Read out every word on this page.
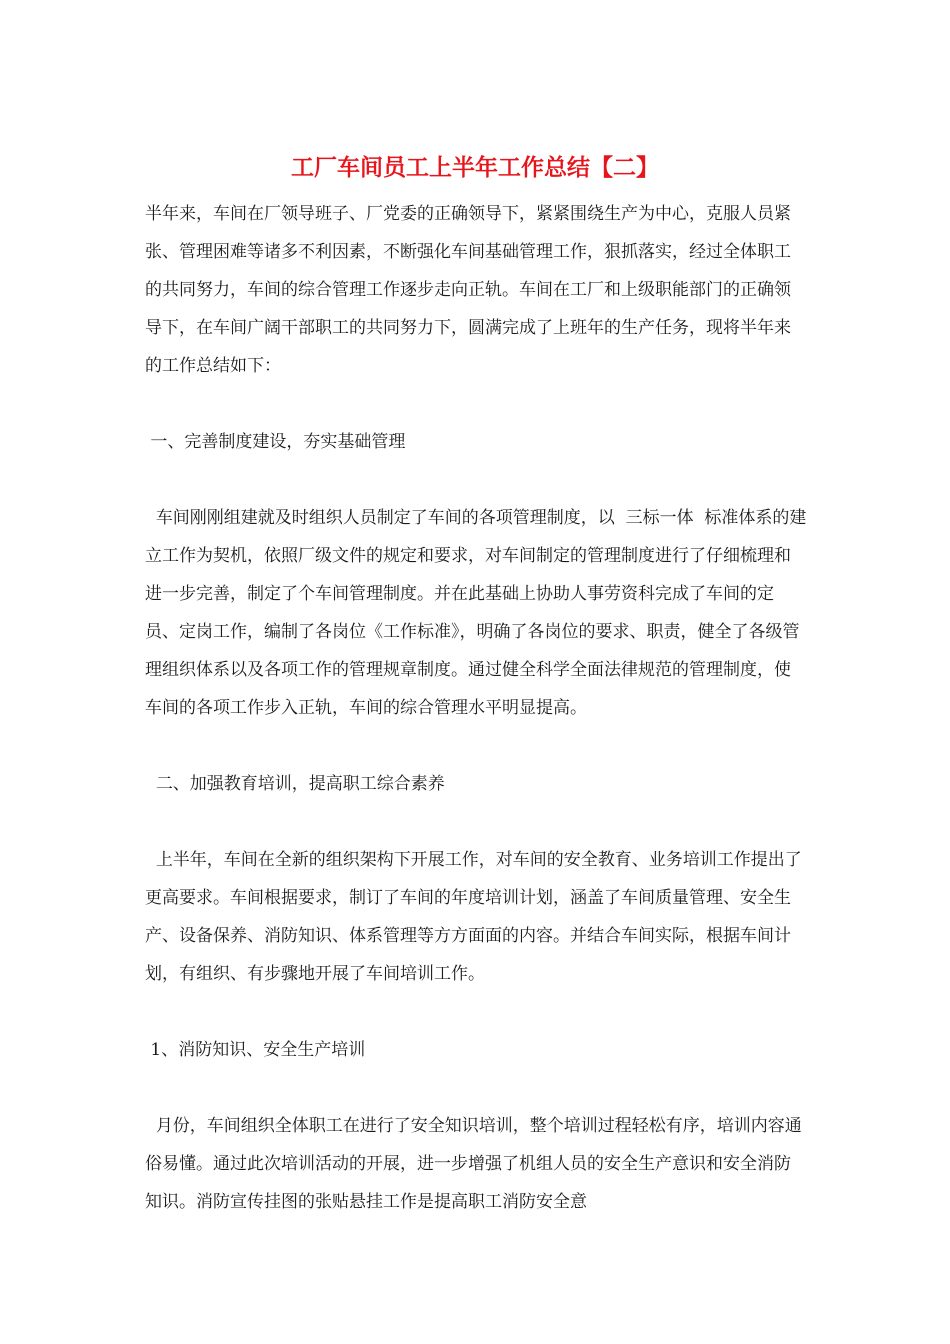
工厂车间员工上半年工作总结【二】

半年来，车间在厂领导班子、厂党委的正确领导下，紧紧围绕生产为中心，克服人员紧张、管理困难等诸多不利因素，不断强化车间基础管理工作，狠抓落实，经过全体职工的共同努力，车间的综合管理工作逐步走向正轨。车间在工厂和上级职能部门的正确领导下，在车间广阔干部职工的共同努力下，圆满完成了上班年的生产任务，现将半年来的工作总结如下：

一、完善制度建设，夯实基础管理

车间刚刚组建就及时组织人员制定了车间的各项管理制度，以  三标一体  标准体系的建立工作为契机，依照厂级文件的规定和要求，对车间制定的管理制度进行了仔细梳理和进一步完善，制定了个车间管理制度。并在此基础上协助人事劳资科完成了车间的定员、定岗工作，编制了各岗位《工作标准》，明确了各岗位的要求、职责，健全了各级管理组织体系以及各项工作的管理规章制度。通过健全科学全面法律规范的管理制度，使车间的各项工作步入正轨，车间的综合管理水平明显提高。

二、加强教育培训，提高职工综合素养

上半年，车间在全新的组织架构下开展工作，对车间的安全教育、业务培训工作提出了更高要求。车间根据要求，制订了车间的年度培训计划，涵盖了车间质量管理、安全生产、设备保养、消防知识、体系管理等方方面面的内容。并结合车间实际，根据车间计划，有组织、有步骤地开展了车间培训工作。

1、消防知识、安全生产培训

月份，车间组织全体职工在进行了安全知识培训，整个培训过程轻松有序，培训内容通俗易懂。通过此次培训活动的开展，进一步增强了机组人员的安全生产意识和安全消防知识。消防宣传挂图的张贴悬挂工作是提高职工消防安全意
